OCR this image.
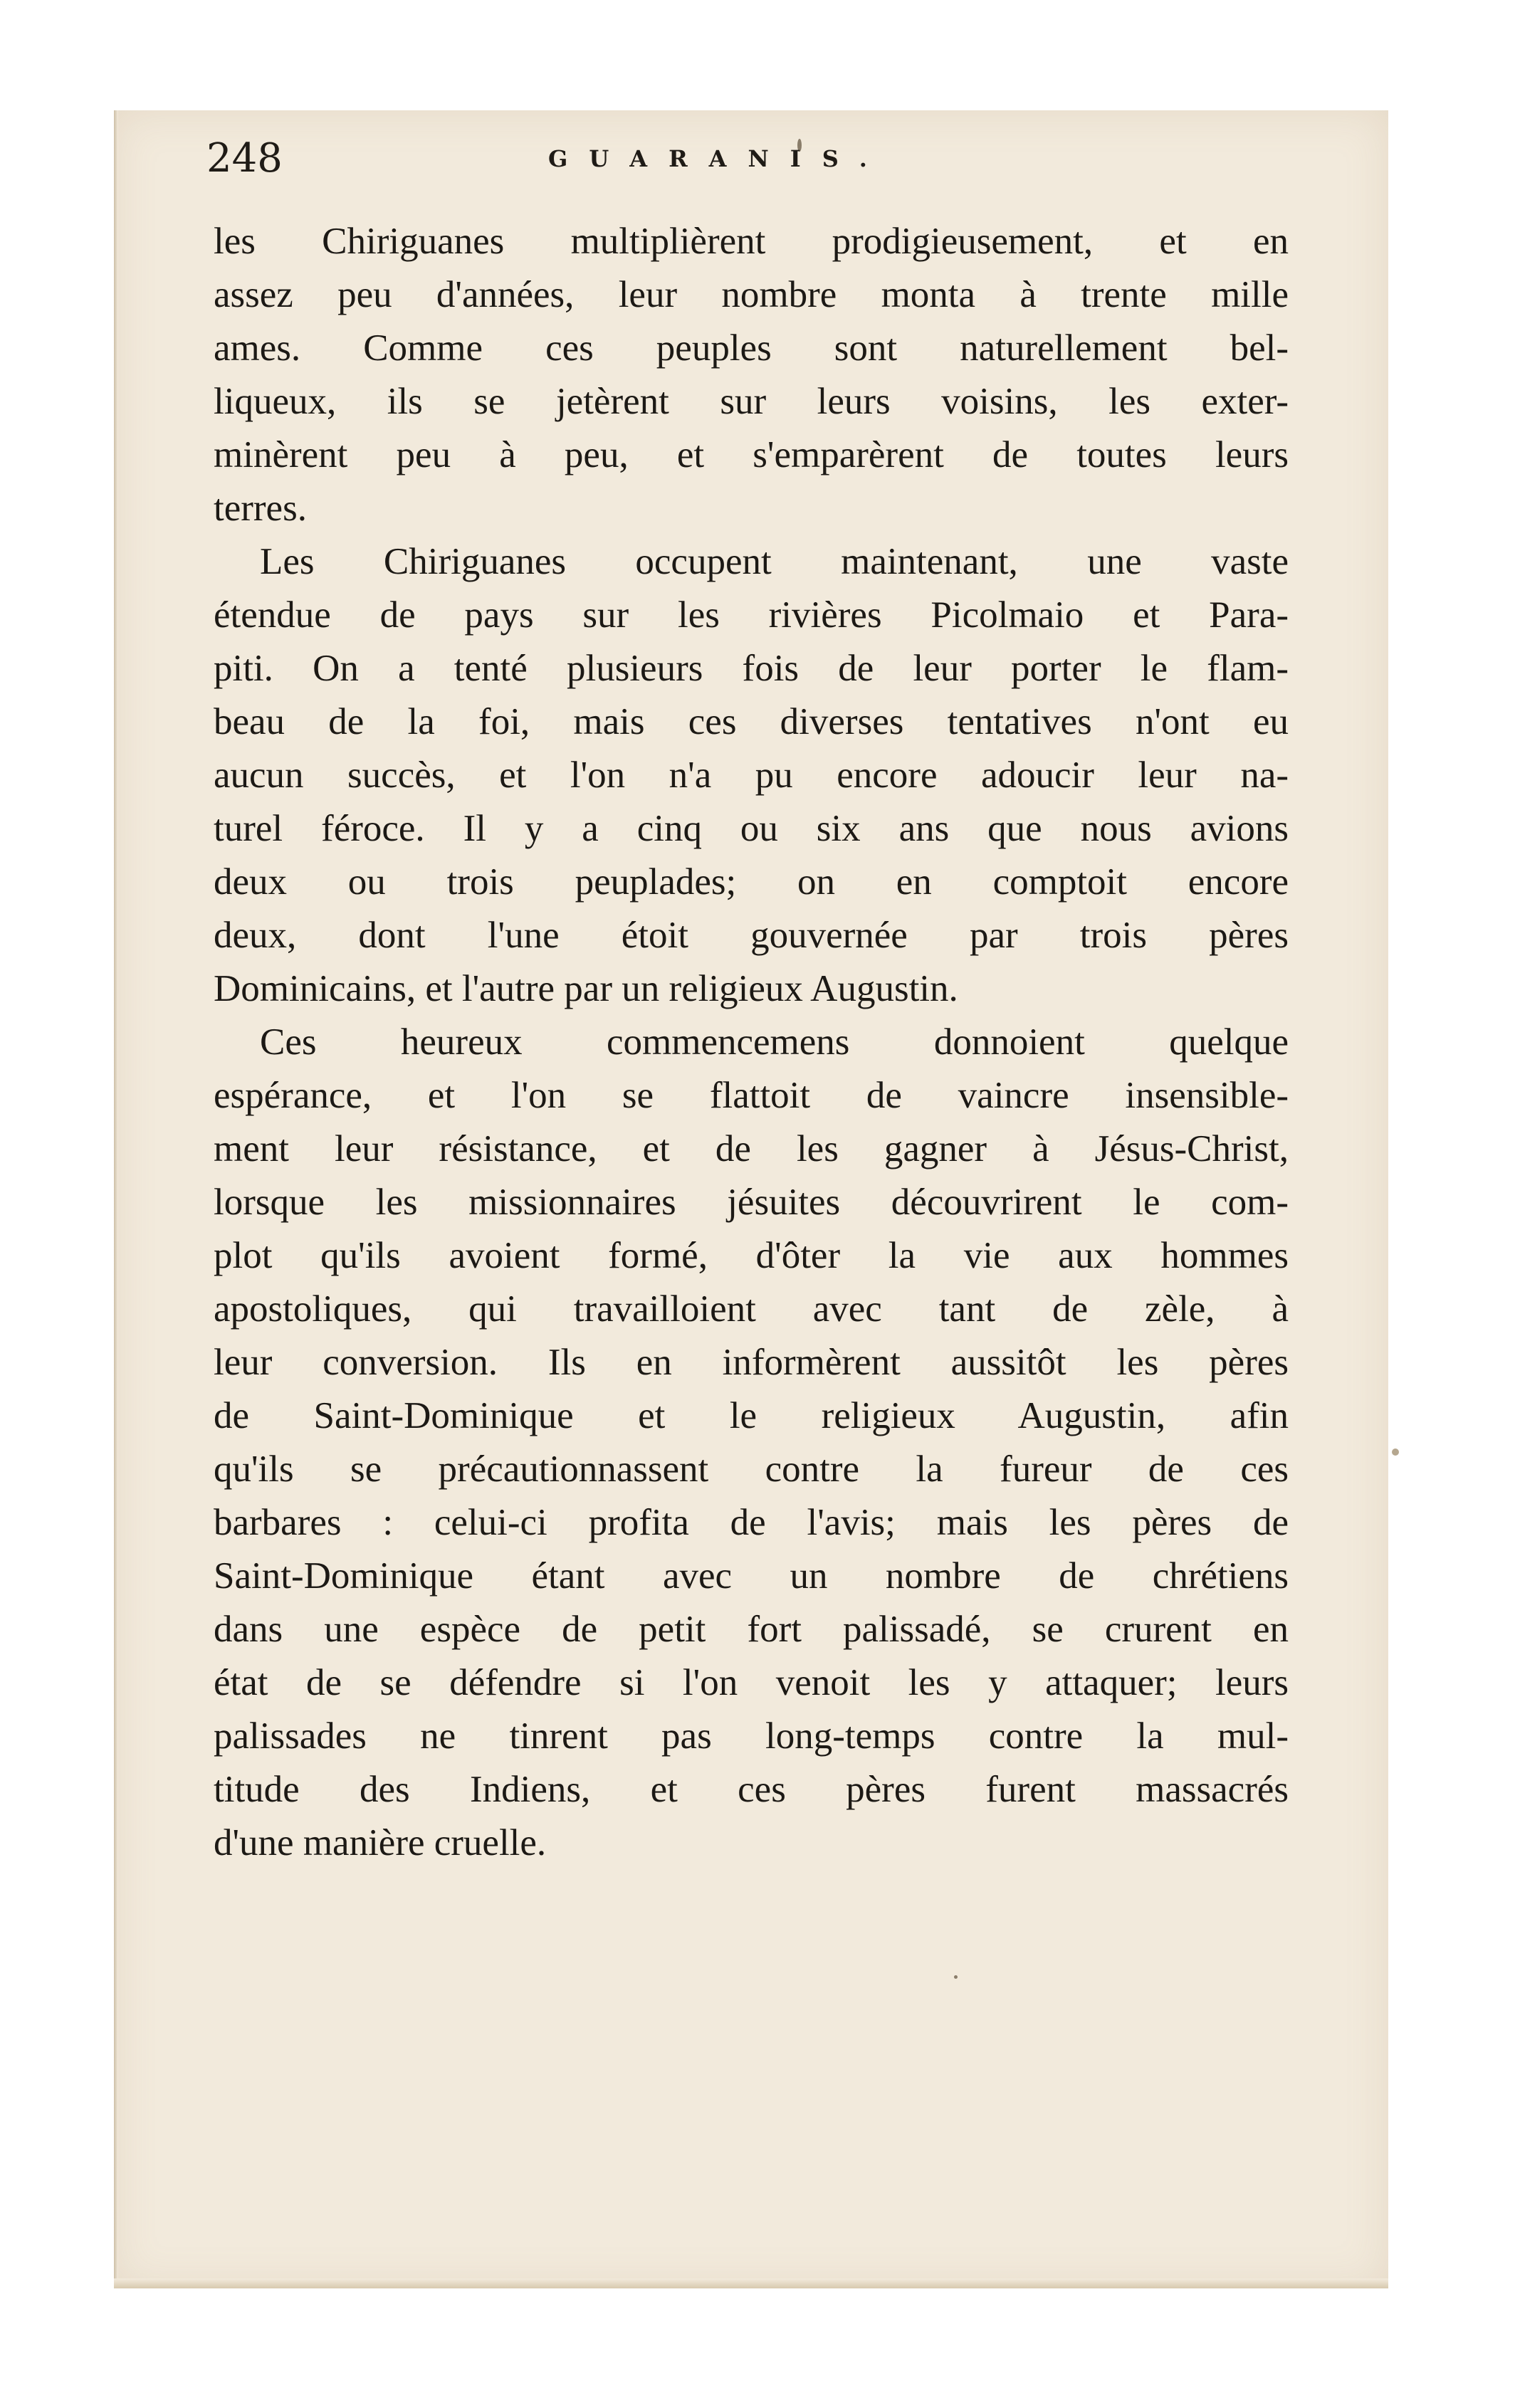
248	GUARANIS.
les Chiriguanes multiplièrent prodigieusement, et en
assez peu d'années, leur nombre monta à trente mille
ames. Comme ces peuples sont naturellement bel-
liqueux, ils se jetèrent sur leurs voisins, les exter-
minèrent peu à peu, et s'emparèrent de toutes leurs
terres.
Les Chiriguanes occupent maintenant, une vaste
étendue de pays sur les rivières Picolmaio et Para-
piti. On a tenté plusieurs fois de leur porter le flam-
beau de la foi, mais ces diverses tentatives n'ont eu
aucun succès, et l'on n'a pu encore adoucir leur na-
turel féroce. Il y a cinq ou six ans que nous avions
deux ou trois peuplades; on en comptoit encore
deux, dont l'une étoit gouvernée par trois pères
Dominicains, et l'autre par un religieux Augustin.
Ces heureux commencemens donnoient quelque
espérance, et l'on se flattoit de vaincre insensible-
ment leur résistance, et de les gagner à Jésus-Christ,
lorsque les missionnaires jésuites découvrirent le com-
plot qu'ils avoient formé, d'ôter la vie aux hommes
apostoliques, qui travailloient avec tant de zèle, à
leur conversion. Ils en informèrent aussitôt les pères
de Saint-Dominique et le religieux Augustin, afin
qu'ils se précautionnassent contre la fureur de ces
barbares : celui-ci profita de l'avis; mais les pères de
Saint-Dominique étant avec un nombre de chrétiens
dans une espèce de petit fort palissadé, se crurent en
état de se défendre si l'on venoit les y attaquer; leurs
palissades ne tinrent pas long-temps contre la mul-
titude des Indiens, et ces pères furent massacrés
d'une manière cruelle.
